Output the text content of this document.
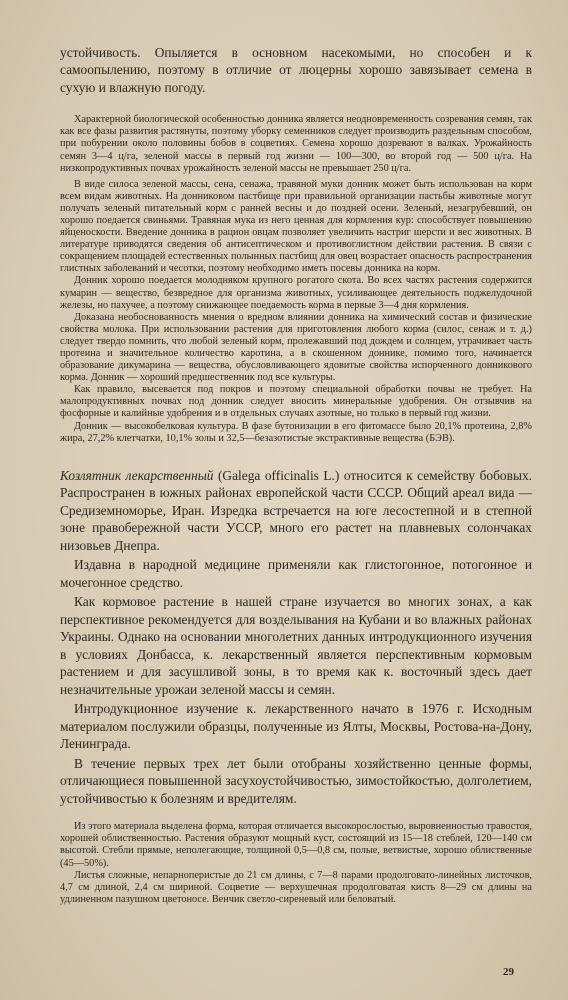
устойчивость. Опыляется в основном насекомыми, но способен и к самоопылению, поэтому в отличие от люцерны хорошо завязывает семена в сухую и влажную погоду.

Характерной биологической особенностью донника является неодновременность созревания семян, так как все фазы развития растянуты, поэтому уборку семенников следует производить раздельным способом, при побурении около половины бобов в соцветиях. Семена хорошо дозревают в валках. Урожайность семян 3—4 ц/га, зеленой массы в первый год жизни — 100—300, во второй год — 500 ц/га. На низкопродуктивных почвах урожайность зеленой массы не превышает 250 ц/га.

В виде силоса зеленой массы, сена, сенажа, травяной муки донник может быть использован на корм всем видам животных. На донниковом пастбище при правильной организации пастьбы животные могут получать зеленый питательный корм с ранней весны и до поздней осени. Зеленый, незагрубевший, он хорошо поедается свиньями. Травяная мука из него ценная для кормления кур: способствует повышению яйценоскости. Введение донника в рацион овцам позволяет увеличить настриг шерсти и вес животных. В литературе приводятся сведения об антисептическом и противоглистном действии растения. В связи с сокращением площадей естественных полынных пастбищ для овец возрастает опасность распространения глистных заболеваний и чесотки, поэтому необходимо иметь посевы донника на корм.

Донник хорошо поедается молодняком крупного рогатого скота. Во всех частях растения содержится кумарин — вещество, безвредное для организма животных, усиливающее деятельность поджелудочной железы, но пахучее, а поэтому снижающее поедаемость корма в первые 3—4 дня кормления.

Доказана необоснованность мнения о вредном влиянии донника на химический состав и физические свойства молока. При использовании растения для приготовления любого корма (силос, сенаж и т. д.) следует твердо помнить, что любой зеленый корм, пролежавший под дождем и солнцем, утрачивает часть протеина и значительное количество каротина, а в скошенном доннике, помимо того, начинается образование дикумарина — вещества, обусловливающего ядовитые свойства испорченного донникового корма. Донник — хороший предшественник под все культуры.

Как правило, высевается под покров и поэтому специальной обработки почвы не требует. На малопродуктивных почвах под донник следует вносить минеральные удобрения. Он отзывчив на фосфорные и калийные удобрения и в отдельных случаях азотные, но только в первый год жизни.

Донник — высокобелковая культура. В фазе бутонизации в его фитомассе было 20,1% протеина, 2,8% жира, 27,2% клетчатки, 10,1% золы и 32,5—безазотистые экстрактивные вещества (БЭВ).

Козлятник лекарственный (Galega officinalis L.) относится к семейству бобовых. Распространен в южных районах европейской части СССР. Общий ареал вида — Средиземноморье, Иран. Изредка встречается на юге лесостепной и в степной зоне правобережной части УССР, много его растет на плавневых солончаках низовьев Днепра.

Издавна в народной медицине применяли как глистогонное, потогонное и мочегонное средство.

Как кормовое растение в нашей стране изучается во многих зонах, а как перспективное рекомендуется для возделывания на Кубани и во влажных районах Украины. Однако на основании многолетних данных интродукционного изучения в условиях Донбасса, к. лекарственный является перспективным кормовым растением и для засушливой зоны, в то время как к. восточный здесь дает незначительные урожаи зеленой массы и семян.

Интродукционное изучение к. лекарственного начато в 1976 г. Исходным материалом послужили образцы, полученные из Ялты, Москвы, Ростова-на-Дону, Ленинграда.

В течение первых трех лет были отобраны хозяйственно ценные формы, отличающиеся повышенной засухоустойчивостью, зимостойкостью, долголетием, устойчивостью к болезням и вредителям.

Из этого материала выделена форма, которая отличается высокорослостью, выровненностью травостоя, хорошей облиственностью. Растения образуют мощный куст, состоящий из 15—18 стеблей, 120—140 см высотой. Стебли прямые, неполегающие, толщиной 0,5—0,8 см, полые, ветвистые, хорошо облиственные (45—50%).

Листья сложные, непарноперистые до 21 см длины, с 7—8 парами продолговато-линейных листочков, 4,7 см длиной, 2,4 см шириной. Соцветие — верхушечная продолговатая кисть 8—29 см длины на удлиненном пазушном цветоносе. Венчик светло-сиреневый или беловатый.

29
